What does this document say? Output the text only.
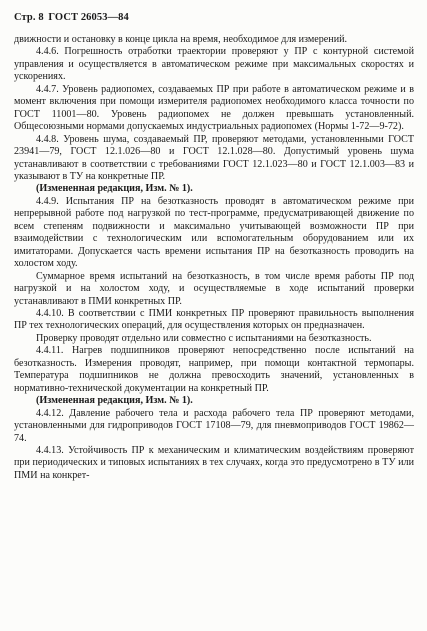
Стр. 8 ГОСТ 26053—84

движности и остановку в конце цикла на время, необходимое для измерений.

4.4.6. Погрешность отработки траектории проверяют у ПР с контурной системой управления и осуществляется в автоматическом режиме при максимальных скоростях и ускорениях.

4.4.7. Уровень радиопомех, создаваемых ПР при работе в автоматическом режиме и в момент включения при помощи измерителя радиопомех необходимого класса точности по ГОСТ 11001—80. Уровень радиопомех не должен превышать установленный. Общесоюзными нормами допускаемых индустриальных радиопомех (Нормы 1-72—9-72).

4.4.8. Уровень шума, создаваемый ПР, проверяют методами, установленными ГОСТ 23941—79, ГОСТ 12.1.026—80 и ГОСТ 12.1.028—80. Допустимый уровень шума устанавливают в соответствии с требованиями ГОСТ 12.1.023—80 и ГОСТ 12.1.003—83 и указывают в ТУ на конкретные ПР.

(Измененная редакция, Изм. № 1).

4.4.9. Испытания ПР на безотказность проводят в автоматическом режиме при непрерывной работе под нагрузкой по тест-программе, предусматривающей движение по всем степеням подвижности и максимально учитывающей возможности ПР при взаимодействии с технологическим или вспомогательным оборудованием или их имитаторами. Допускается часть времени испытания ПР на безотказность проводить на холостом ходу.

Суммарное время испытаний на безотказность, в том числе время работы ПР под нагрузкой и на холостом ходу, и осуществляемые в ходе испытаний проверки устанавливают в ПМИ конкретных ПР.

4.4.10. В соответствии с ПМИ конкретных ПР проверяют правильность выполнения ПР тех технологических операций, для осуществления которых он предназначен.

Проверку проводят отдельно или совместно с испытаниями на безотказность.

4.4.11. Нагрев подшипников проверяют непосредственно после испытаний на безотказность. Измерения проводят, например, при помощи контактной термопары. Температура подшипников не должна превосходить значений, установленных в нормативно-технической документации на конкретный ПР.

(Измененная редакция, Изм. № 1).

4.4.12. Давление рабочего тела и расхода рабочего тела ПР проверяют методами, установленными для гидроприводов ГОСТ 17108—79, для пневмоприводов ГОСТ 19862—74.

4.4.13. Устойчивость ПР к механическим и климатическим воздействиям проверяют при периодических и типовых испытаниях в тех случаях, когда это предусмотрено в ТУ или ПМИ на конкрет-
